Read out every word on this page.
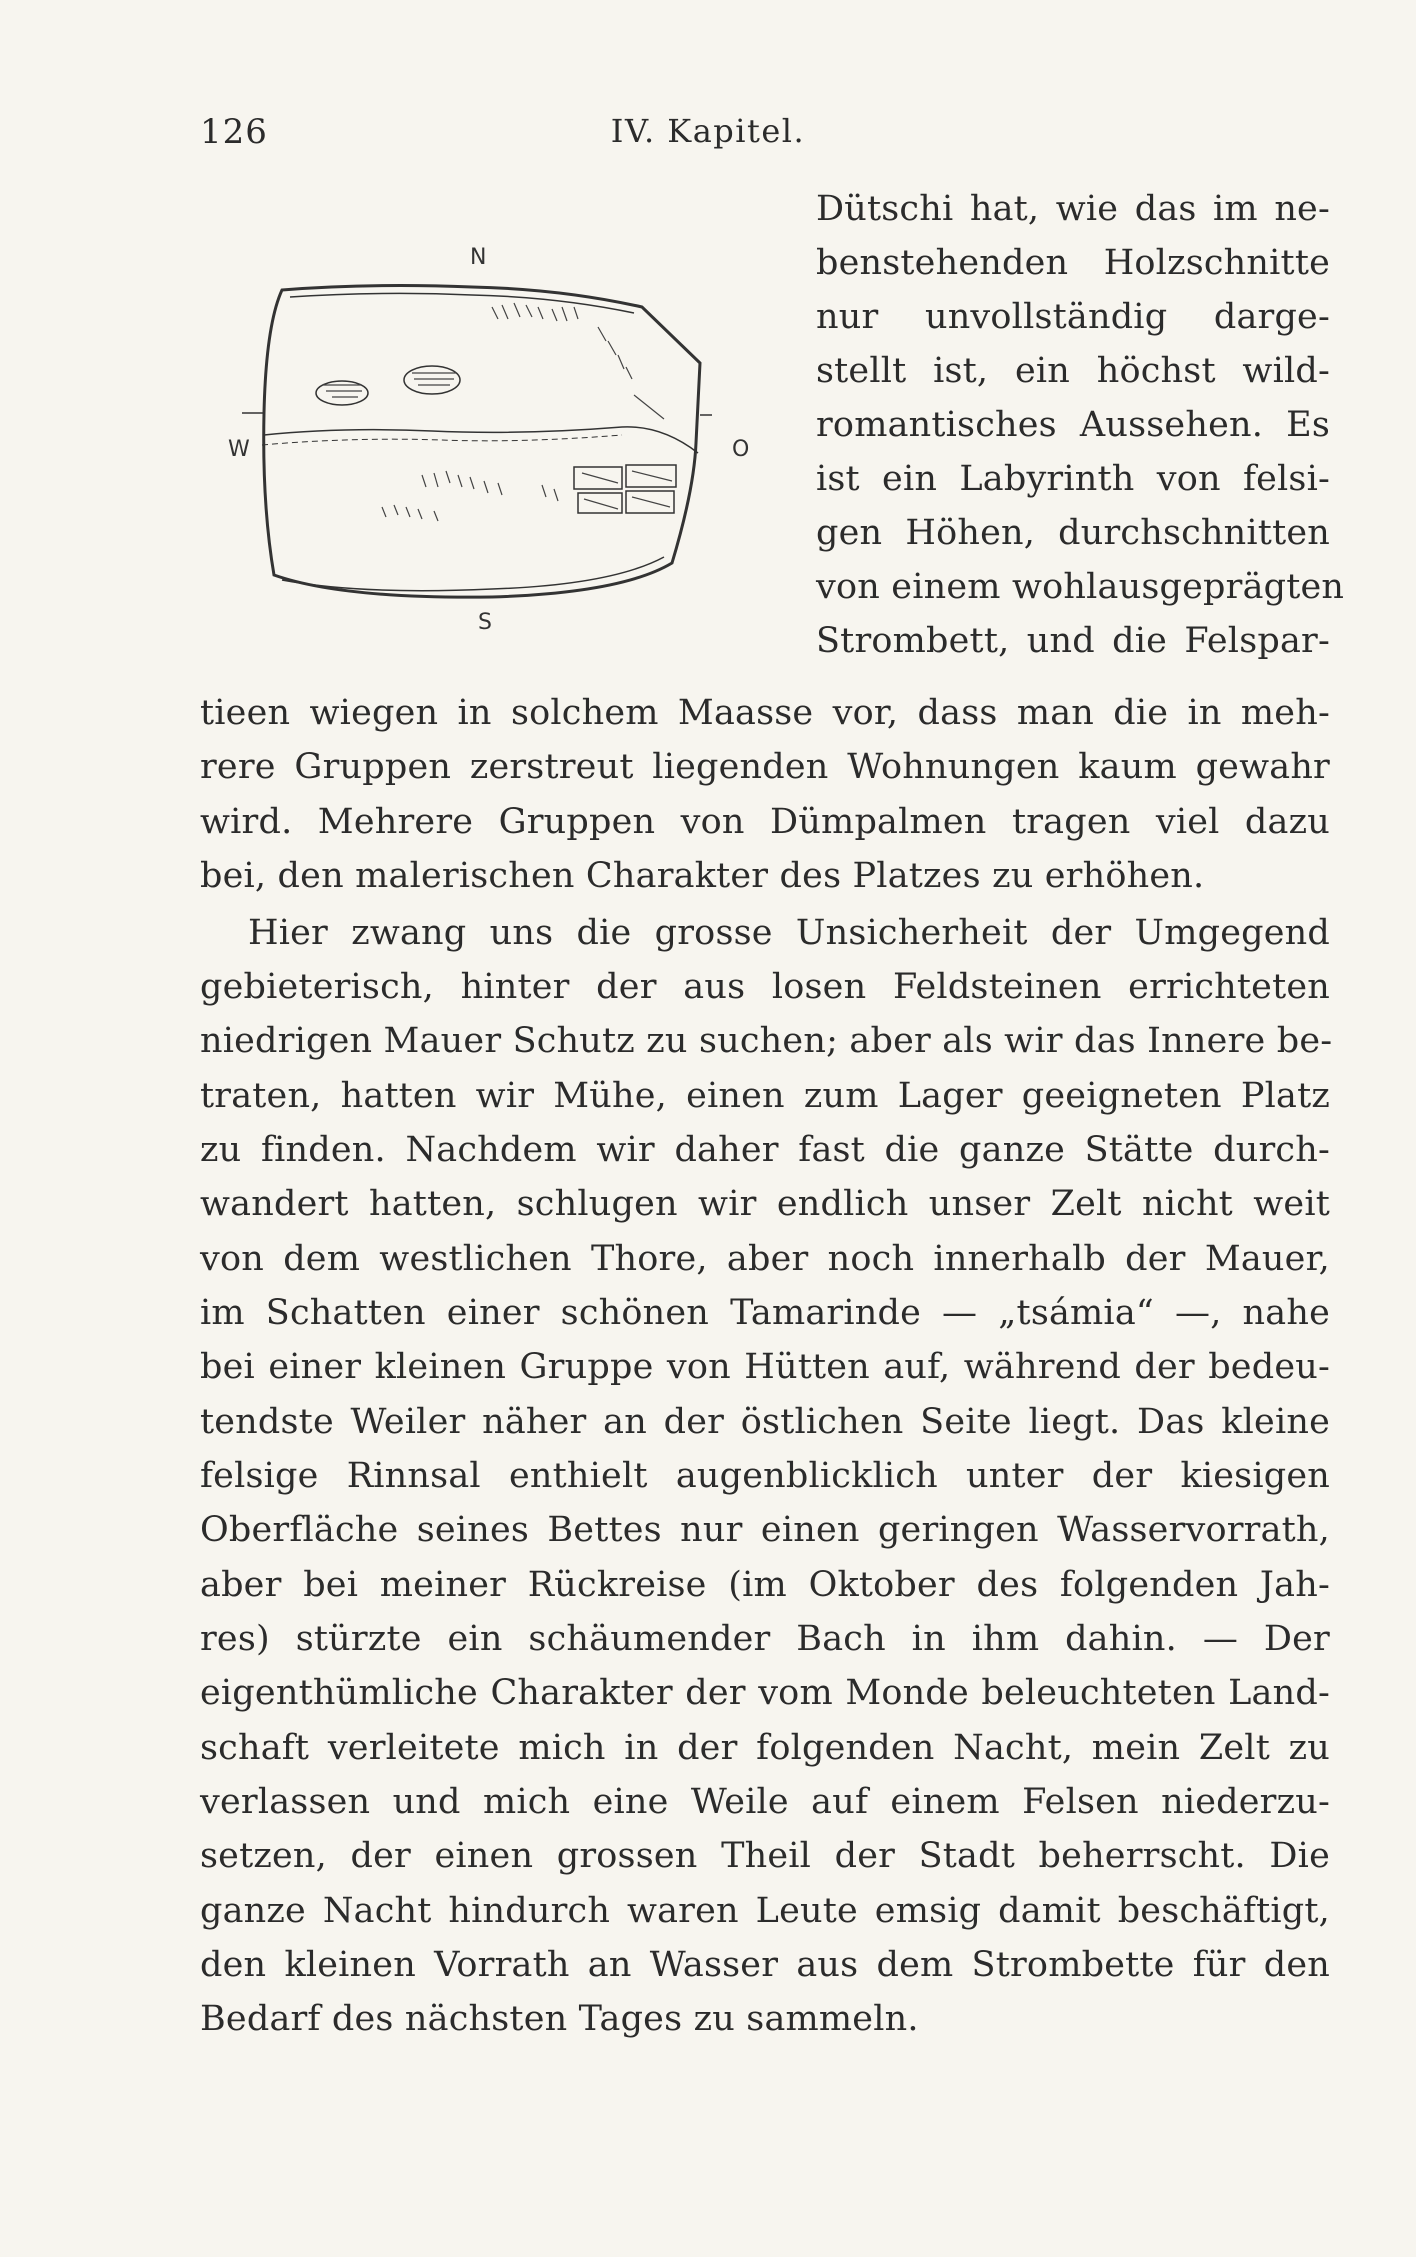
126	IV. Kapitel.
N
W	O
S
Dütschi hat, wie das im ne-
benstehenden Holzschnitte
nur unvollständig darge-
stellt ist, ein höchst wild-
romantisches Aussehen. Es
ist ein Labyrinth von felsi-
gen Höhen, durchschnitten
von einem wohlausgeprägten
Strombett, und die Felspar-
tieen wiegen in solchem Maasse vor, dass man die in meh-
rere Gruppen zerstreut liegenden Wohnungen kaum gewahr
wird. Mehrere Gruppen von Dümpalmen tragen viel dazu
bei, den malerischen Charakter des Platzes zu erhöhen.
Hier zwang uns die grosse Unsicherheit der Umgegend
gebieterisch, hinter der aus losen Feldsteinen errichteten
niedrigen Mauer Schutz zu suchen; aber als wir das Innere be-
traten, hatten wir Mühe, einen zum Lager geeigneten Platz
zu finden. Nachdem wir daher fast die ganze Stätte durch-
wandert hatten, schlugen wir endlich unser Zelt nicht weit
von dem westlichen Thore, aber noch innerhalb der Mauer,
im Schatten einer schönen Tamarinde — „tsámia“ —, nahe
bei einer kleinen Gruppe von Hütten auf, während der bedeu-
tendste Weiler näher an der östlichen Seite liegt. Das kleine
felsige Rinnsal enthielt augenblicklich unter der kiesigen
Oberfläche seines Bettes nur einen geringen Wasservorrath,
aber bei meiner Rückreise (im Oktober des folgenden Jah-
res) stürzte ein schäumender Bach in ihm dahin. — Der
eigenthümliche Charakter der vom Monde beleuchteten Land-
schaft verleitete mich in der folgenden Nacht, mein Zelt zu
verlassen und mich eine Weile auf einem Felsen niederzu-
setzen, der einen grossen Theil der Stadt beherrscht. Die
ganze Nacht hindurch waren Leute emsig damit beschäftigt,
den kleinen Vorrath an Wasser aus dem Strombette für den
Bedarf des nächsten Tages zu sammeln.
